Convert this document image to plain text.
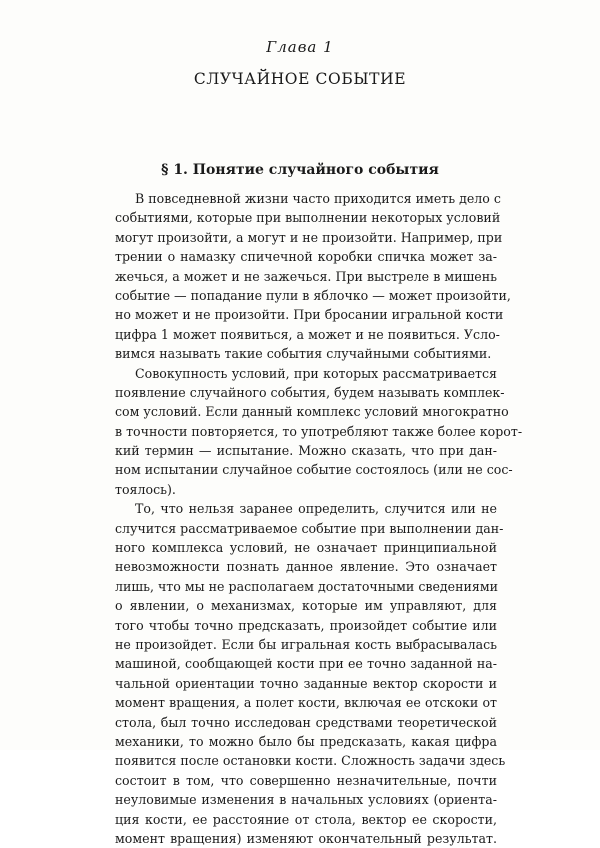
Глава 1
СЛУЧАЙНОЕ СОБЫТИЕ
§ 1. Понятие случайного события
В повседневной жизни часто приходится иметь дело с
событиями, которые при выполнении некоторых условий
могут произойти, а могут и не произойти. Например, при
трении о намазку спичечной коробки спичка может за-
жечься, а может и не зажечься. При выстреле в мишень
событие — попадание пули в яблочко — может произойти,
но может и не произойти. При бросании игральной кости
цифра 1 может появиться, а может и не появиться. Усло-
вимся называть такие события случайными событиями.
Совокупность условий, при которых рассматривается
появление случайного события, будем называть комплек-
сом условий. Если данный комплекс условий многократно
в точности повторяется, то употребляют также более корот-
кий термин — испытание. Можно сказать, что при дан-
ном испытании случайное событие состоялось (или не сос-
тоялось).
То, что нельзя заранее определить, случится или не
случится рассматриваемое событие при выполнении дан-
ного комплекса условий, не означает принципиальной
невозможности познать данное явление. Это означает
лишь, что мы не располагаем достаточными сведениями
о явлении, о механизмах, которые им управляют, для
того чтобы точно предсказать, произойдет событие или
не произойдет. Если бы игральная кость выбрасывалась
машиной, сообщающей кости при ее точно заданной на-
чальной ориентации точно заданные вектор скорости и
момент вращения, а полет кости, включая ее отскоки от
стола, был точно исследован средствами теоретической
механики, то можно было бы предсказать, какая цифра
появится после остановки кости. Сложность задачи здесь
состоит в том, что совершенно незначительные, почти
неуловимые изменения в начальных условиях (ориента-
ция кости, ее расстояние от стола, вектор ее скорости,
момент вращения) изменяют окончательный результат.
